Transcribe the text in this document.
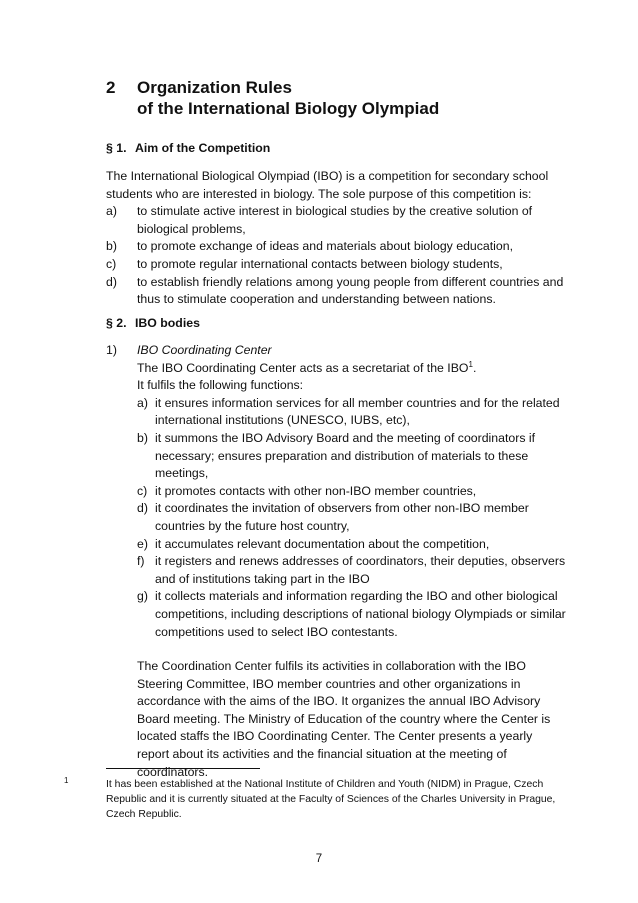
2 Organization Rules
of the International Biology Olympiad
§ 1. Aim of the Competition

The International Biological Olympiad (IBO) is a competition for secondary school students who are interested in biology. The sole purpose of this competition is:

a) to stimulate active interest in biological studies by the creative solution of biological problems,
b) to promote exchange of ideas and materials about biology education,
c) to promote regular international contacts between biology students,
d) to establish friendly relations among young people from different countries and thus to stimulate cooperation and understanding between nations.
§ 2. IBO bodies
1) IBO Coordinating Center
The IBO Coordinating Center acts as a secretariat of the IBO$^1$.
It fulfils the following functions:
a) it ensures information services for all member countries and for the related international institutions (UNESCO, IUBS, etc),
b) it summons the IBO Advisory Board and the meeting of coordinators if necessary; ensures preparation and distribution of materials to these meetings,
c) it promotes contacts with other non-IBO member countries,
d) it coordinates the invitation of observers from other non-IBO member countries by the future host country,
e) it accumulates relevant documentation about the competition,
f) it registers and renews addresses of coordinators, their deputies, observers and of institutions taking part in the IBO
g) it collects materials and information regarding the IBO and other biological competitions, including descriptions of national biology Olympiads or similar competitions used to select IBO contestants.

The Coordination Center fulfils its activities in collaboration with the IBO Steering Committee, IBO member countries and other organizations in accordance with the aims of the IBO. It organizes the annual IBO Advisory Board meeting. The Ministry of Education of the country where the Center is located staffs the IBO Coordinating Center. The Center presents a yearly report about its activities and the financial situation at the meeting of coordinators.

1	It has been established at the National Institute of Children and Youth (NIDM) in Prague, Czech Republic and it is currently situated at the Faculty of Sciences of the Charles University in Prague, Czech Republic.
7
